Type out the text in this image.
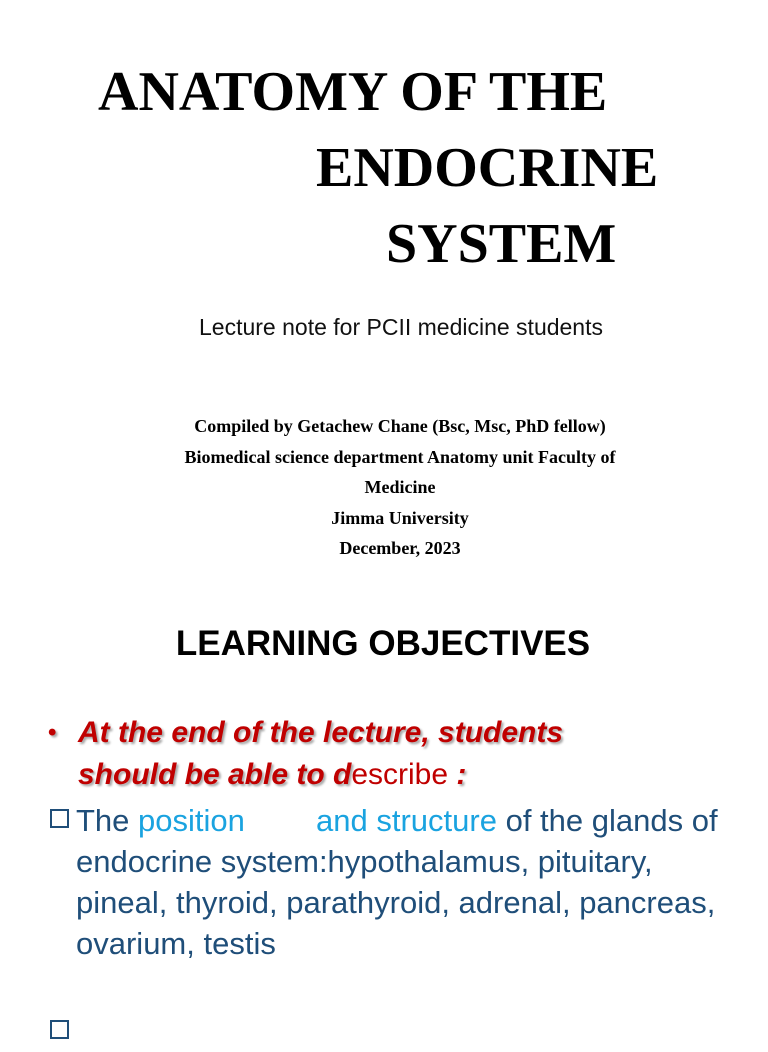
ANATOMY OF THE
ENDOCRINE
SYSTEM
Lecture note for PCII medicine students
Compiled by Getachew Chane (Bsc, Msc, PhD fellow)
Biomedical science department Anatomy unit Faculty of
Medicine
Jimma University
December, 2023
LEARNING OBJECTIVES
• At the end of the lecture, students
should be able to describe :
The position and structure of the glands of endocrine system:hypothalamus, pituitary, pineal, thyroid, parathyroid, adrenal, pancreas, ovarium, testis
